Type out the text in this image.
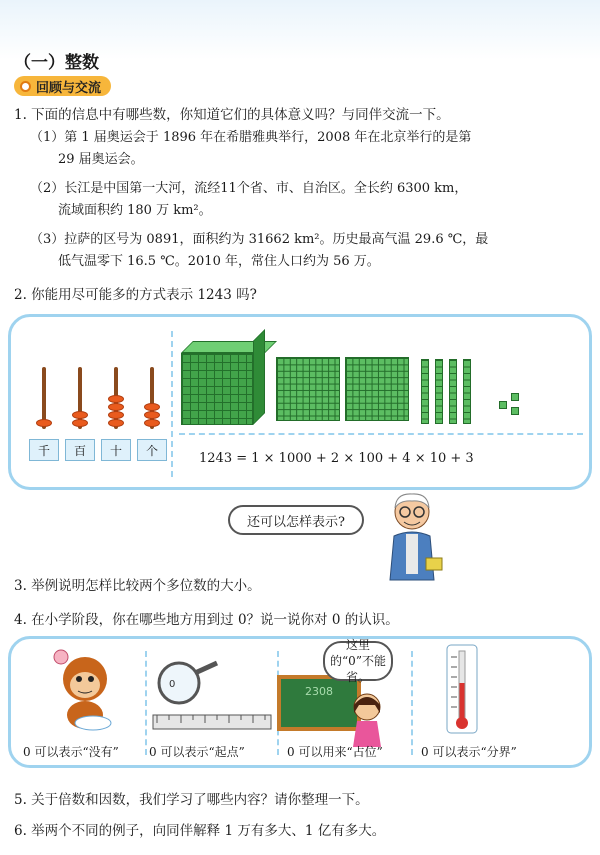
（一）整数
回顾与交流
1. 下面的信息中有哪些数，你知道它们的具体意义吗？与同伴交流一下。
（1）第 1 届奥运会于 1896 年在希腊雅典举行，2008 年在北京举行的是第
29 届奥运会。
（2）长江是中国第一大河，流经11个省、市、自治区。全长约 6300 km，
流域面积约 180 万 km²。
（3）拉萨的区号为 0891，面积约为 31662 km²。历史最高气温 29.6 ℃，最
低气温零下 16.5 ℃。2010 年，常住人口约为 56 万。
2. 你能用尽可能多的方式表示 1243 吗?
千	百	十	个
1243 = 1 × 1000 + 2 × 100 + 4 × 10 + 3
还可以怎样表示?
3. 举例说明怎样比较两个多位数的大小。
4. 在小学阶段，你在哪些地方用到过 0？说一说你对 0 的认识。
0
2308
这里的“0”不能省。
0 可以表示“没有”	0 可以表示“起点”	0 可以用来“占位”	0 可以表示“分界”
5. 关于倍数和因数，我们学习了哪些内容？请你整理一下。
6. 举两个不同的例子，向同伴解释 1 万有多大、1 亿有多大。
